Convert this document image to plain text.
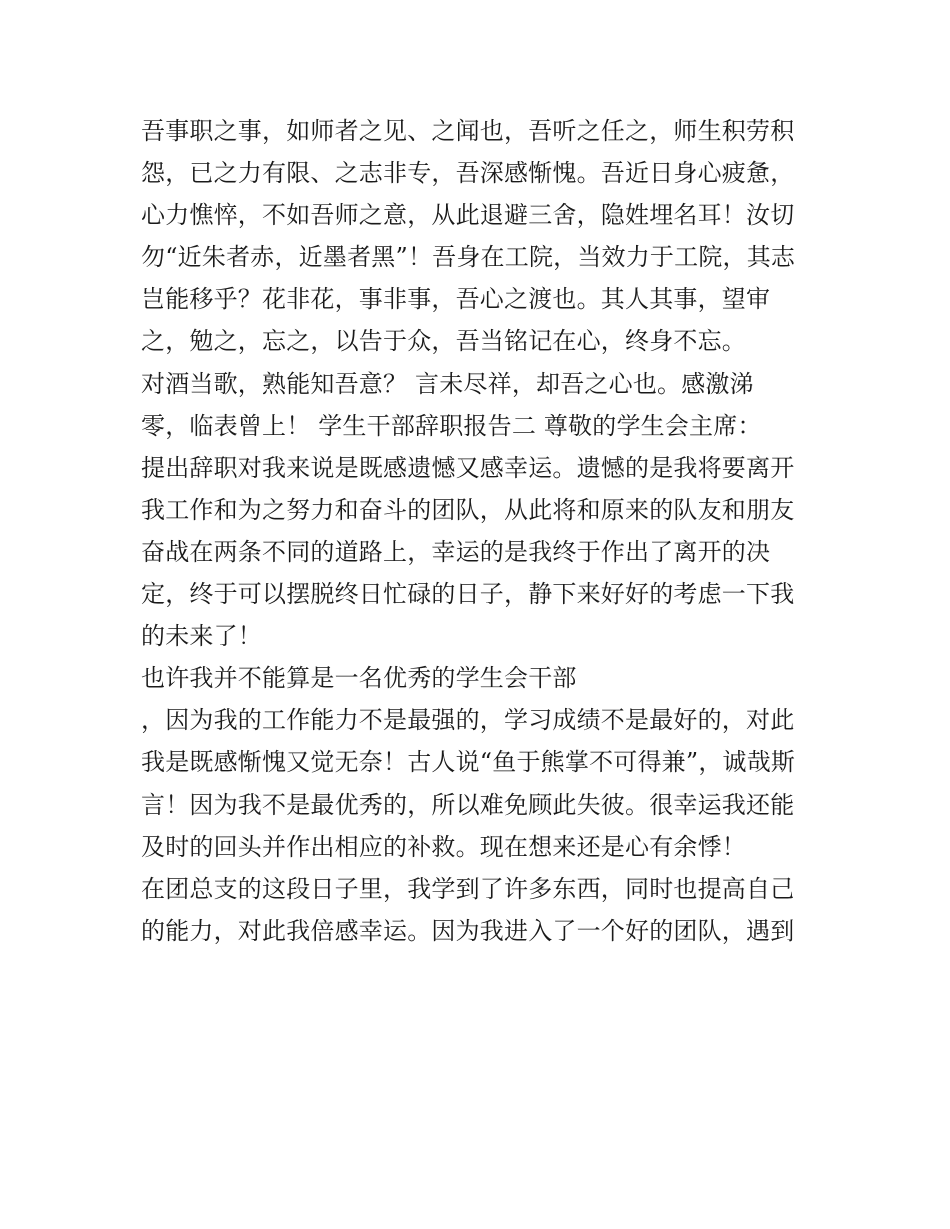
吾事职之事，如师者之见、之闻也，吾听之任之，师生积劳积
怨，已之力有限、之志非专，吾深感惭愧。吾近日身心疲惫，
心力憔悴，不如吾师之意，从此退避三舍，隐姓埋名耳！汝切
勿“近朱者赤，近墨者黑”！吾身在工院，当效力于工院，其志
岂能移乎？花非花，事非事，吾心之渡也。其人其事，望审
之，勉之，忘之，以告于众，吾当铭记在心，终身不忘。
对酒当歌，熟能知吾意？ 言未尽祥，却吾之心也。感激涕
零，临表曾上！ 学生干部辞职报告二 尊敬的学生会主席：
提出辞职对我来说是既感遗憾又感幸运。遗憾的是我将要离开
我工作和为之努力和奋斗的团队，从此将和原来的队友和朋友
奋战在两条不同的道路上，幸运的是我终于作出了离开的决
定，终于可以摆脱终日忙碌的日子，静下来好好的考虑一下我
的未来了！
也许我并不能算是一名优秀的学生会干部
，因为我的工作能力不是最强的，学习成绩不是最好的，对此
我是既感惭愧又觉无奈！古人说“鱼于熊掌不可得兼”，诚哉斯
言！因为我不是最优秀的，所以难免顾此失彼。很幸运我还能
及时的回头并作出相应的补救。现在想来还是心有余悸！
在团总支的这段日子里，我学到了许多东西，同时也提高自己
的能力，对此我倍感幸运。因为我进入了一个好的团队，遇到
